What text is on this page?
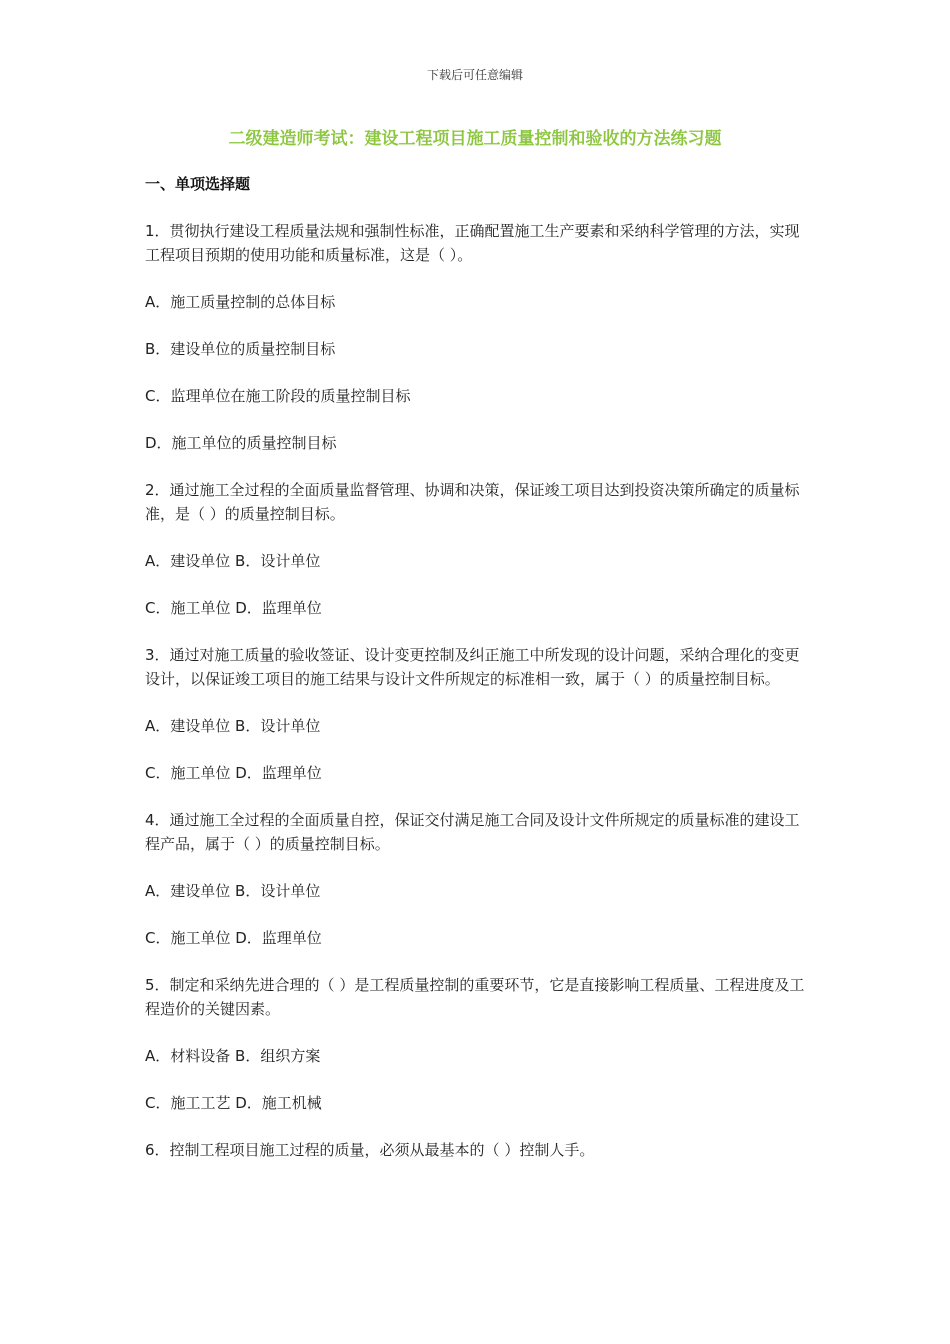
下载后可任意编辑
二级建造师考试：建设工程项目施工质量控制和验收的方法练习题
一、单项选择题

1．贯彻执行建设工程质量法规和强制性标准，正确配置施工生产要素和采纳科学管理的方法，实现工程项目预期的使用功能和质量标准，这是（ ）。

A．施工质量控制的总体目标

B．建设单位的质量控制目标

C．监理单位在施工阶段的质量控制目标

D．施工单位的质量控制目标

2．通过施工全过程的全面质量监督管理、协调和决策，保证竣工项目达到投资决策所确定的质量标准，是（ ）的质量控制目标。

A．建设单位 B．设计单位

C．施工单位 D．监理单位

3．通过对施工质量的验收签证、设计变更控制及纠正施工中所发现的设计问题，采纳合理化的变更设计，以保证竣工项目的施工结果与设计文件所规定的标准相一致，属于（ ）的质量控制目标。

A．建设单位 B．设计单位

C．施工单位 D．监理单位

4．通过施工全过程的全面质量自控，保证交付满足施工合同及设计文件所规定的质量标准的建设工程产品，属于（ ）的质量控制目标。

A．建设单位 B．设计单位

C．施工单位 D．监理单位

5．制定和采纳先进合理的（ ）是工程质量控制的重要环节，它是直接影响工程质量、工程进度及工程造价的关键因素。

A．材料设备 B．组织方案

C．施工工艺 D．施工机械

6．控制工程项目施工过程的质量，必须从最基本的（ ）控制人手。
